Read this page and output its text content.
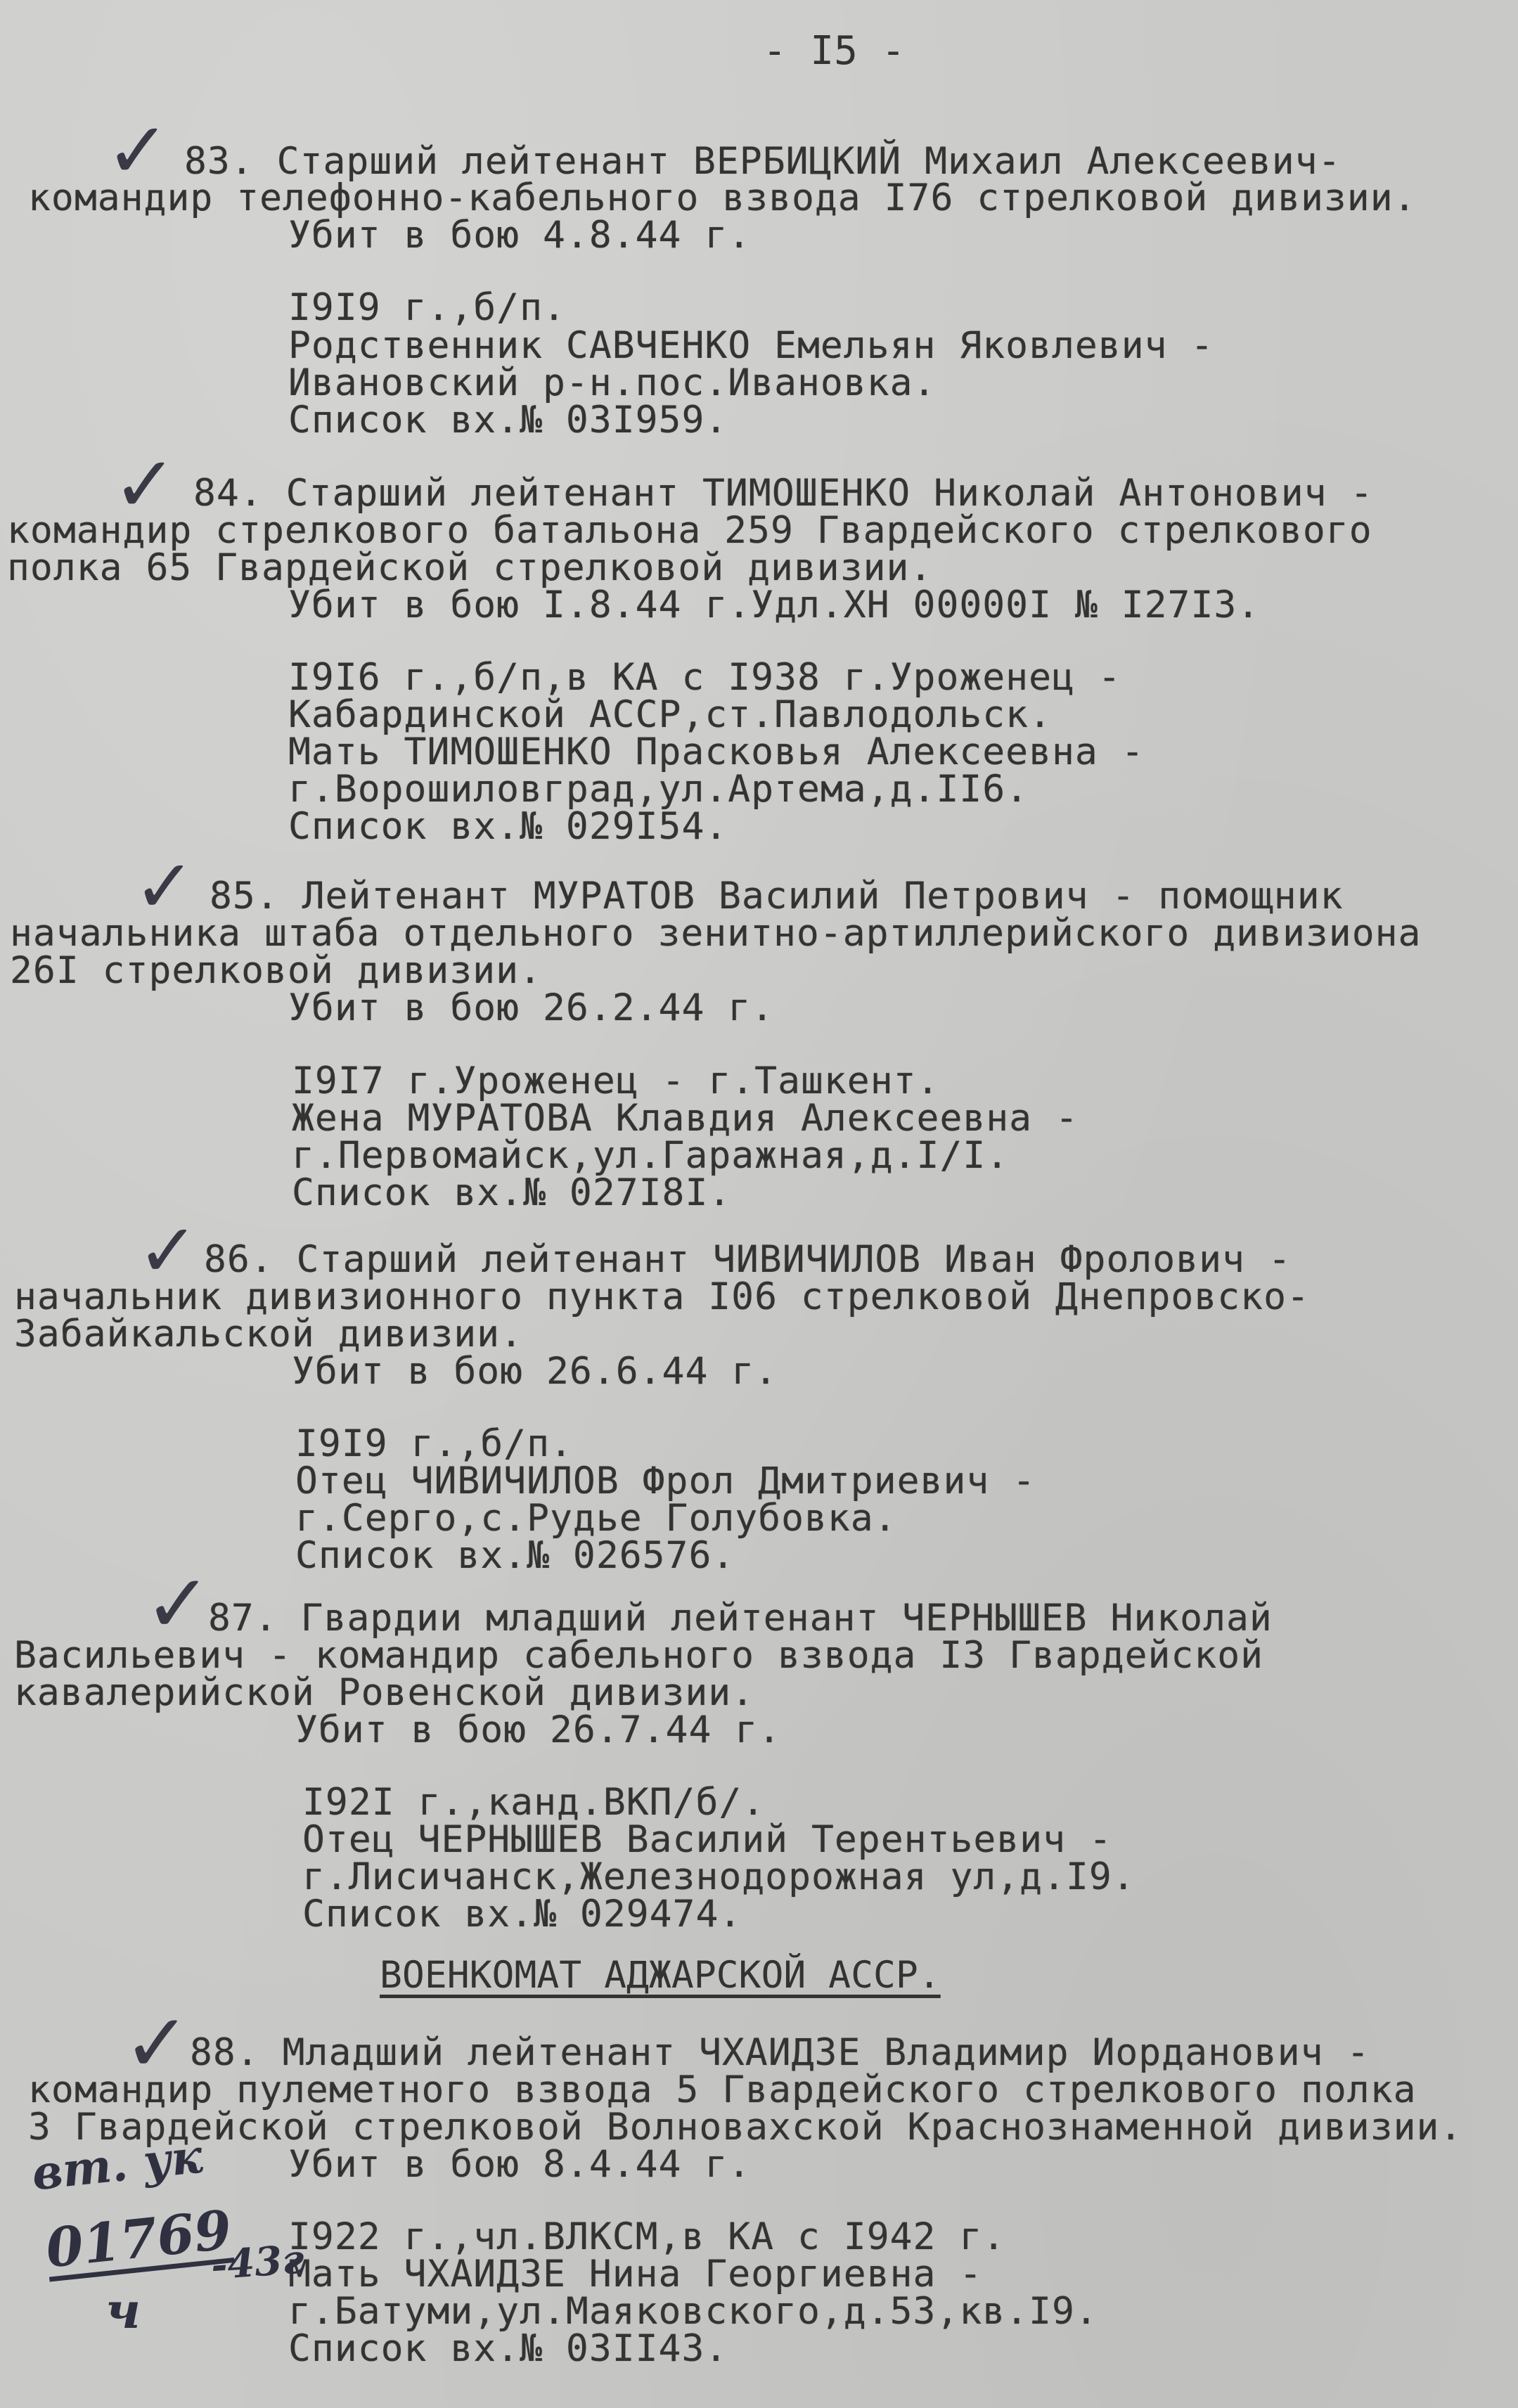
- I5 -
✓ 83. Старший лейтенант ВЕРБИЦКИЙ Михаил Алексеевич-
командир телефонно-кабельного взвода I76 стрелковой дивизии.
Убит в бою 4.8.44 г.
I9I9 г.,б/п.
Родственник САВЧЕНКО Емельян Яковлевич -
Ивановский р-н.пос.Ивановка.
Список вх.№ 03I959.
✓ 84. Старший лейтенант ТИМОШЕНКО Николай Антонович -
командир стрелкового батальона 259 Гвардейского стрелкового
полка 65 Гвардейской стрелковой дивизии.
Убит в бою I.8.44 г.Удл.ХН 00000I № I27I3.
I9I6 г.,б/п,в КА с I938 г.Уроженец -
Кабардинской АССР,ст.Павлодольск.
Мать ТИМОШЕНКО Прасковья Алексеевна -
г.Ворошиловград,ул.Артема,д.II6.
Список вх.№ 029I54.
✓ 85. Лейтенант МУРАТОВ Василий Петрович - помощник
начальника штаба отдельного зенитно-артиллерийского дивизиона
26I стрелковой дивизии.
Убит в бою 26.2.44 г.
I9I7 г.Уроженец - г.Ташкент.
Жена МУРАТОВА Клавдия Алексеевна -
г.Первомайск,ул.Гаражная,д.I/I.
Список вх.№ 027I8I.
✓ 86. Старший лейтенант ЧИВИЧИЛОВ Иван Фролович -
начальник дивизионного пункта I06 стрелковой Днепровско-
Забайкальской дивизии.
Убит в бою 26.6.44 г.
I9I9 г.,б/п.
Отец ЧИВИЧИЛОВ Фрол Дмитриевич -
г.Серго,с.Рудье Голубовка.
Список вх.№ 026576.
✓
87. Гвардии младший лейтенант ЧЕРНЫШЕВ Николай
Васильевич - командир сабельного взвода I3 Гвардейской
кавалерийской Ровенской дивизии.
Убит в бою 26.7.44 г.
I92I г.,канд.ВКП/б/.
Отец ЧЕРНЫШЕВ Василий Терентьевич -
г.Лисичанск,Железнодорожная ул,д.I9.
Список вх.№ 029474.
ВОЕНКОМАТ АДЖАРСКОЙ АССР.
✓
88. Младший лейтенант ЧХАИДЗЕ Владимир Иорданович -
командир пулеметного взвода 5 Гвардейского стрелкового полка
3 Гвардейской стрелковой Волновахской Краснознаменной дивизии.
Убит в бою 8.4.44 г.
I922 г.,чл.ВЛКСМ,в КА с I942 г.
Мать ЧХАИДЗЕ Нина Георгиевна -
г.Батуми,ул.Маяковского,д.53,кв.I9.
Список вх.№ 03II43.
вт. ук
01769
ч
-43г
